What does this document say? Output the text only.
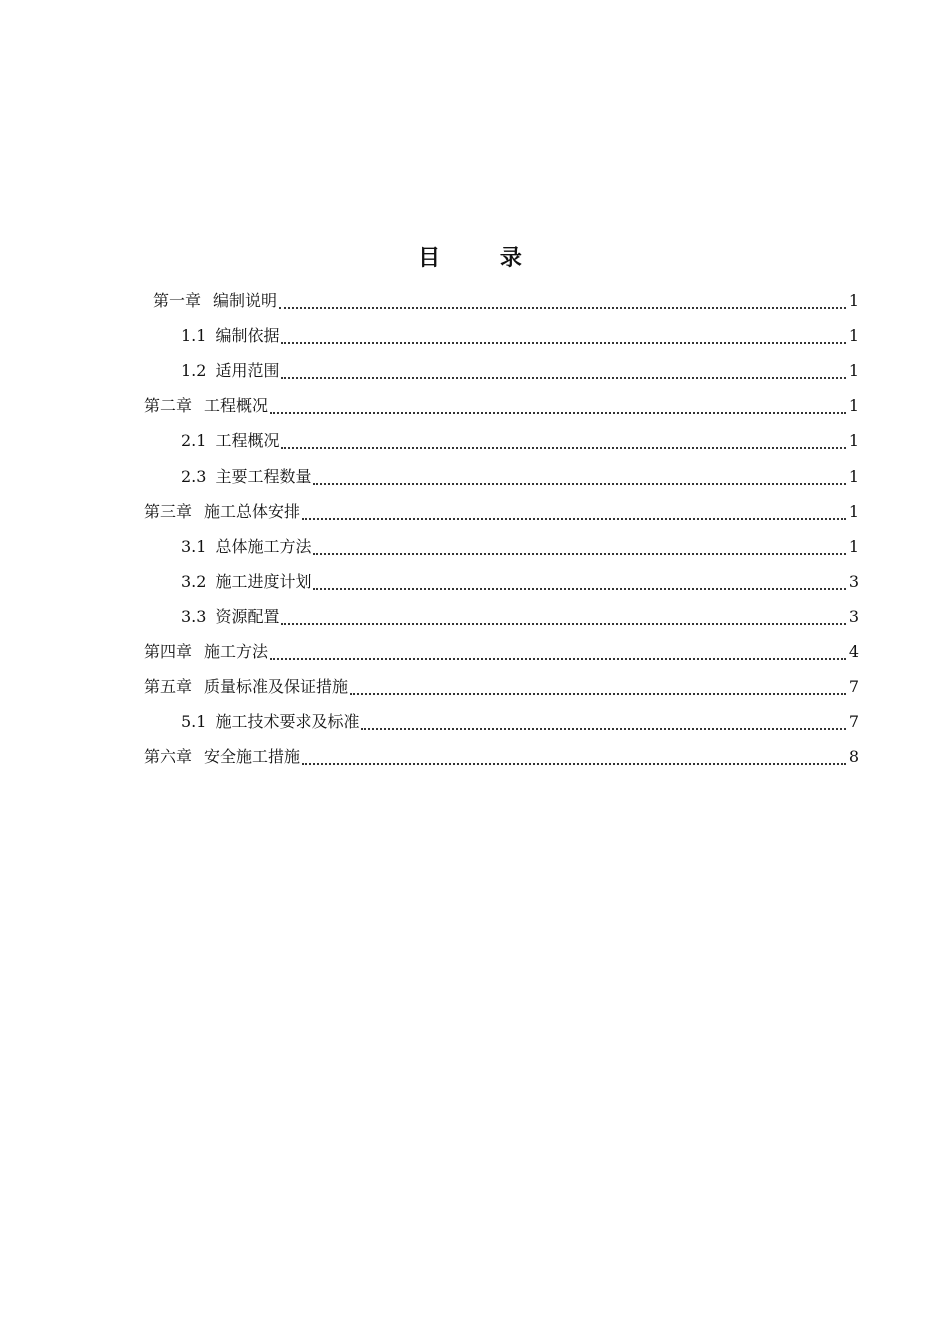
目 录
第一章 编制说明	1
1.1 编制依据	1
1.2 适用范围	1
第二章 工程概况	1
2.1 工程概况	1
2.3 主要工程数量	1
第三章 施工总体安排	1
3.1 总体施工方法	1
3.2 施工进度计划	3
3.3 资源配置	3
第四章 施工方法	4
第五章 质量标准及保证措施	7
5.1 施工技术要求及标准	7
第六章 安全施工措施	8
